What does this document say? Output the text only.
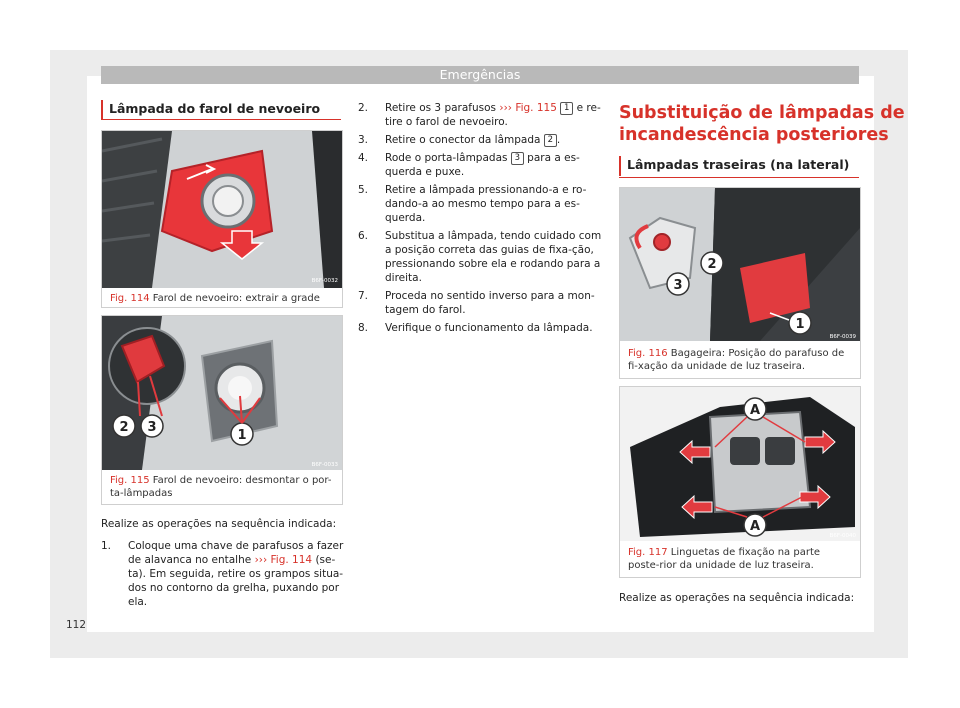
Emergências
Lâmpada do farol de nevoeiro
B6F-0032
Fig. 114 Farol de nevoeiro: extrair a grade
2 3
1
B6F-0033
Fig. 115 Farol de nevoeiro: desmontar o por-ta-lâmpadas
Realize as operações na sequência indicada:
1. Coloque uma chave de parafusos a fazer de alavanca no entalhe ››› Fig. 114 (se-ta). Em seguida, retire os grampos situa-dos no contorno da grelha, puxando por ela.
112
2. Retire os 3 parafusos ››› Fig. 115 1 e re-tire o farol de nevoeiro.
3. Retire o conector da lâmpada 2 .
4. Rode o porta-lâmpadas 3 para a es-querda e puxe.
5. Retire a lâmpada pressionando-a e ro-dando-a ao mesmo tempo para a es-querda.
6. Substitua a lâmpada, tendo cuidado com a posição correta das guias de fixa-ção, pressionando sobre ela e rodando para a direita.
7. Proceda no sentido inverso para a mon-tagem do farol.
8. Verifique o funcionamento da lâmpada.
Substituição de lâmpadas de
incandescência posteriores
Lâmpadas traseiras (na lateral)
2
3
1
B6F-0039
Fig. 116 Bagageira: Posição do parafuso de fi-xação da unidade de luz traseira.
A
A
B6F-0040
Fig. 117 Linguetas de fixação na parte poste-rior da unidade de luz traseira.
Realize as operações na sequência indicada:
